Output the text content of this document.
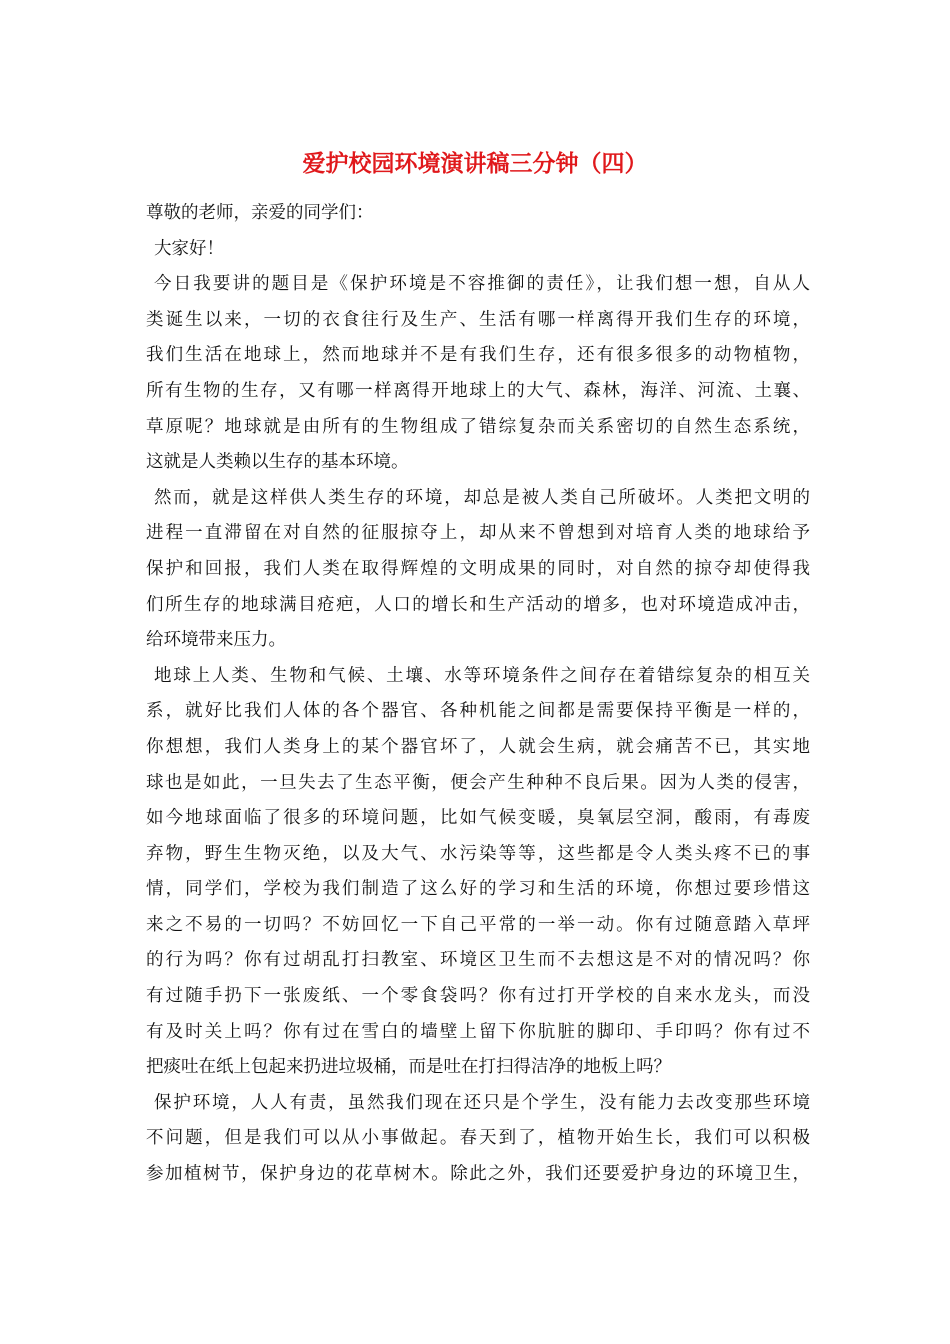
爱护校园环境演讲稿三分钟（四）

尊敬的老师，亲爱的同学们：

大家好！

今日我要讲的题目是《保护环境是不容推御的责任》，让我们想一想，自从人
类诞生以来，一切的衣食往行及生产、生活有哪一样离得开我们生存的环境，
我们生活在地球上，然而地球并不是有我们生存，还有很多很多的动物植物，
所有生物的生存，又有哪一样离得开地球上的大气、森林，海洋、河流、土襄、
草原呢？地球就是由所有的生物组成了错综复杂而关系密切的自然生态系统，
这就是人类赖以生存的基本环境。

然而，就是这样供人类生存的环境，却总是被人类自己所破坏。人类把文明的
进程一直滞留在对自然的征服掠夺上，却从来不曾想到对培育人类的地球给予
保护和回报，我们人类在取得辉煌的文明成果的同时，对自然的掠夺却使得我
们所生存的地球满目疮疤，人口的增长和生产活动的增多，也对环境造成冲击，
给环境带来压力。

地球上人类、生物和气候、土壤、水等环境条件之间存在着错综复杂的相互关
系，就好比我们人体的各个器官、各种机能之间都是需要保持平衡是一样的，
你想想，我们人类身上的某个器官坏了，人就会生病，就会痛苦不已，其实地
球也是如此，一旦失去了生态平衡，便会产生种种不良后果。因为人类的侵害，
如今地球面临了很多的环境问题，比如气候变暖，臭氧层空洞，酸雨，有毒废
弃物，野生生物灭绝，以及大气、水污染等等，这些都是令人类头疼不已的事
情，同学们，学校为我们制造了这么好的学习和生活的环境，你想过要珍惜这
来之不易的一切吗？不妨回忆一下自己平常的一举一动。你有过随意踏入草坪
的行为吗？你有过胡乱打扫教室、环境区卫生而不去想这是不对的情况吗？你
有过随手扔下一张废纸、一个零食袋吗？你有过打开学校的自来水龙头，而没
有及时关上吗？你有过在雪白的墙壁上留下你肮脏的脚印、手印吗？你有过不
把痰吐在纸上包起来扔进垃圾桶，而是吐在打扫得洁净的地板上吗？

保护环境，人人有责，虽然我们现在还只是个学生，没有能力去改变那些环境
不问题，但是我们可以从小事做起。春天到了，植物开始生长，我们可以积极
参加植树节，保护身边的花草树木。除此之外，我们还要爱护身边的环境卫生，
